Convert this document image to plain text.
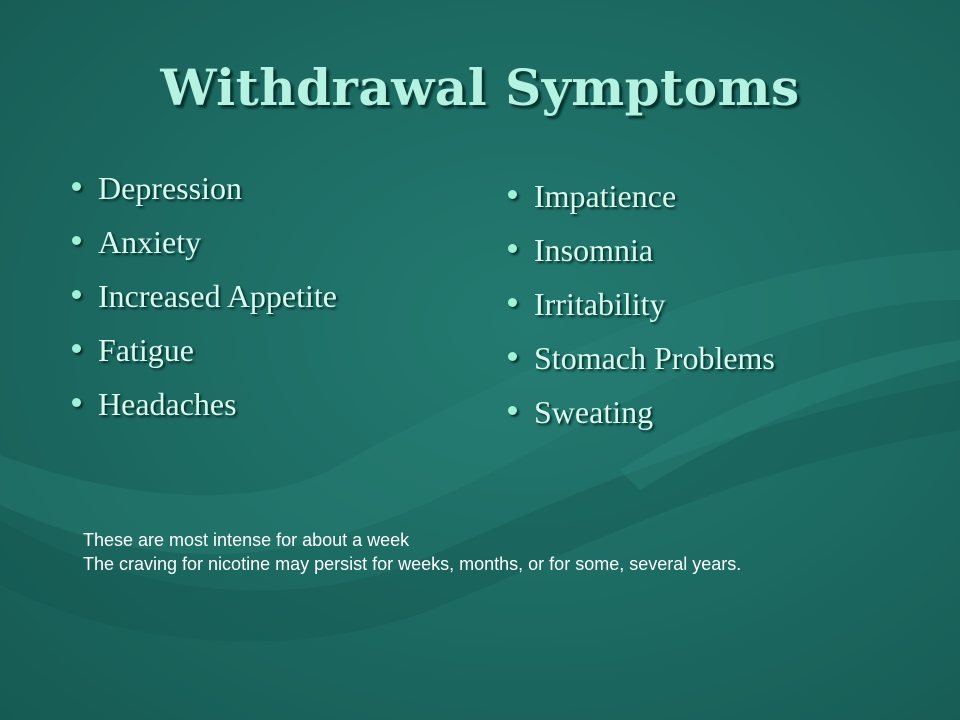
Withdrawal Symptoms
Depression
Anxiety
Increased Appetite
Fatigue
Headaches
Impatience
Insomnia
Irritability
Stomach Problems
Sweating
These are most intense for about a week
The craving for nicotine may persist for weeks, months, or for some, several years.
